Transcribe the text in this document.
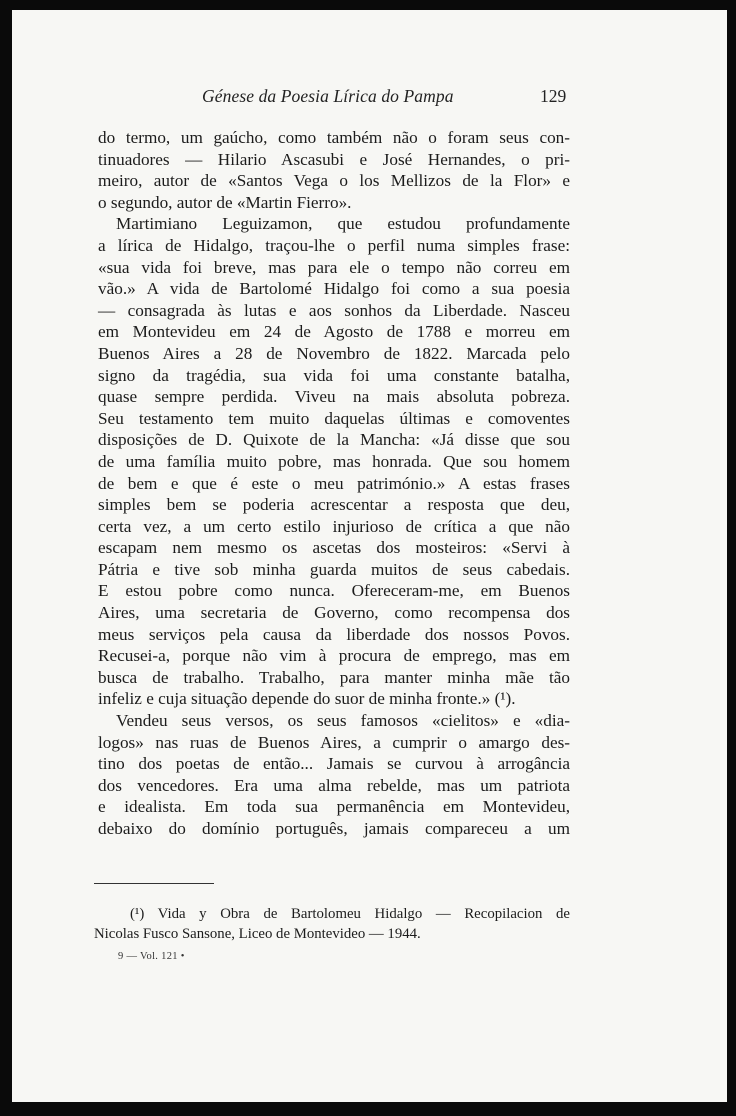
Génese da Poesia Lírica do Pampa	129
do termo, um gaúcho, como também não o foram seus con-
tinuadores — Hilario Ascasubi e José Hernandes, o pri-
meiro, autor de «Santos Vega o los Mellizos de la Flor» e
o segundo, autor de «Martin Fierro».
Martimiano Leguizamon, que estudou profundamente
a lírica de Hidalgo, traçou-lhe o perfil numa simples frase:
«sua vida foi breve, mas para ele o tempo não correu em
vão.» A vida de Bartolomé Hidalgo foi como a sua poesia
— consagrada às lutas e aos sonhos da Liberdade. Nasceu
em Montevideu em 24 de Agosto de 1788 e morreu em
Buenos Aires a 28 de Novembro de 1822. Marcada pelo
signo da tragédia, sua vida foi uma constante batalha,
quase sempre perdida. Viveu na mais absoluta pobreza.
Seu testamento tem muito daquelas últimas e comoventes
disposições de D. Quixote de la Mancha: «Já disse que sou
de uma família muito pobre, mas honrada. Que sou homem
de bem e que é este o meu património.» A estas frases
simples bem se poderia acrescentar a resposta que deu,
certa vez, a um certo estilo injurioso de crítica a que não
escapam nem mesmo os ascetas dos mosteiros: «Servi à
Pátria e tive sob minha guarda muitos de seus cabedais.
E estou pobre como nunca. Ofereceram-me, em Buenos
Aires, uma secretaria de Governo, como recompensa dos
meus serviços pela causa da liberdade dos nossos Povos.
Recusei-a, porque não vim à procura de emprego, mas em
busca de trabalho. Trabalho, para manter minha mãe tão
infeliz e cuja situação depende do suor de minha fronte.» (¹).
Vendeu seus versos, os seus famosos «cielitos» e «dia-
logos» nas ruas de Buenos Aires, a cumprir o amargo des-
tino dos poetas de então... Jamais se curvou à arrogância
dos vencedores. Era uma alma rebelde, mas um patriota
e idealista. Em toda sua permanência em Montevideu,
debaixo do domínio português, jamais compareceu a um
(¹) Vida y Obra de Bartolomeu Hidalgo — Recopilacion de
Nicolas Fusco Sansone, Liceo de Montevideo — 1944.
9 — Vol. 121 •
